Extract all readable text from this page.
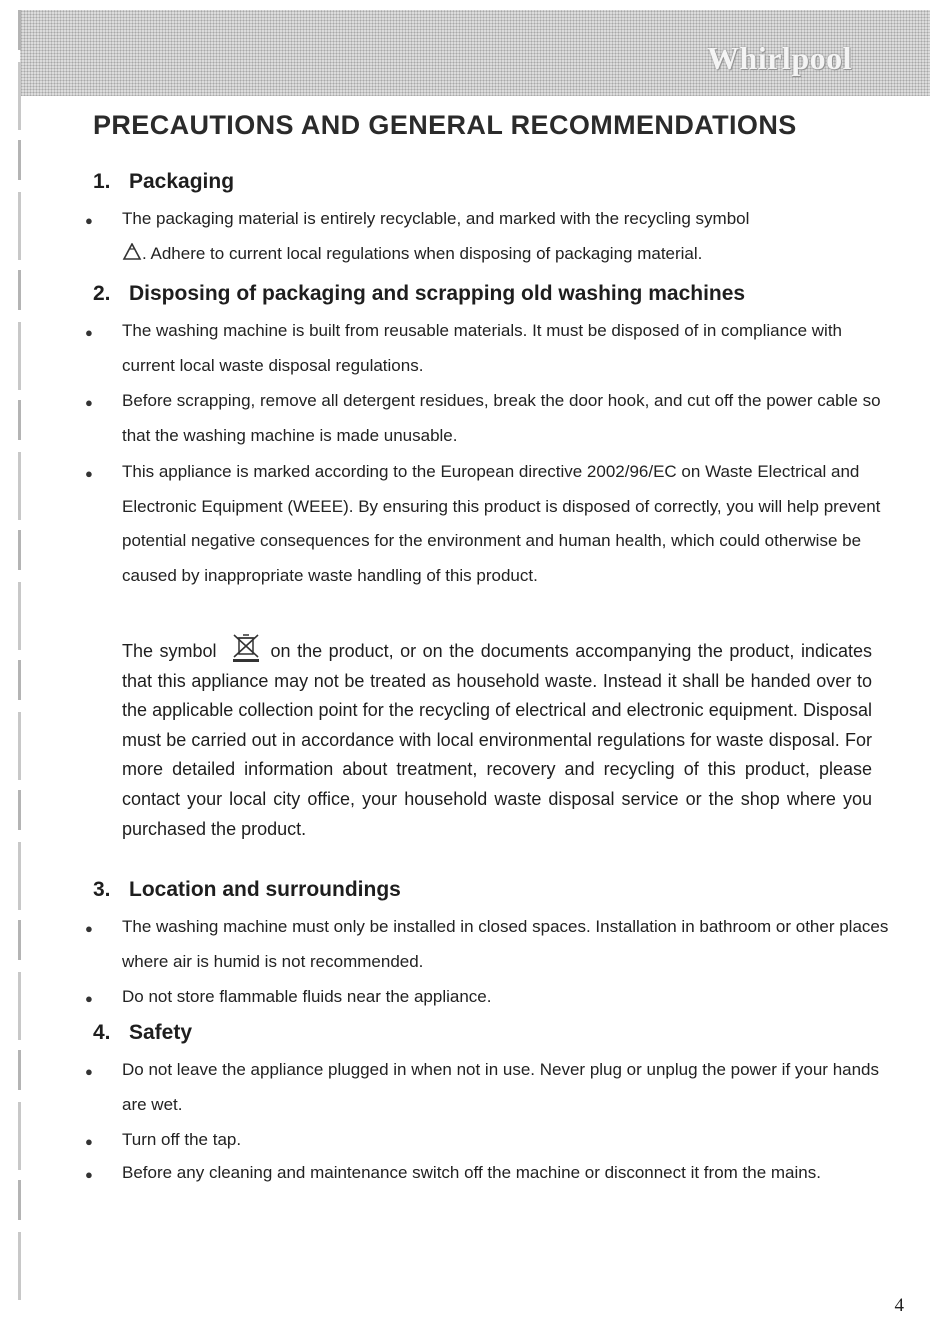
Whirlpool
PRECAUTIONS AND GENERAL RECOMMENDATIONS
1. Packaging
● The packaging material is entirely recyclable, and marked with the recycling symbol
. Adhere to current local regulations when disposing of packaging material.

2. Disposing of packaging and scrapping old washing machines
● The washing machine is built from reusable materials. It must be disposed of in compliance with current local waste disposal regulations.

● Before scrapping, remove all detergent residues, break the door hook, and cut off the power cable so that the washing machine is made unusable.

● This appliance is marked according to the European directive 2002/96/EC on Waste Electrical and Electronic Equipment (WEEE). By ensuring this product is disposed of correctly, you will help prevent potential negative consequences for the environment and human health, which could otherwise be caused by inappropriate waste handling of this product.

The symbol	on the product, or on the documents accompanying the product, indicates that this appliance may not be treated as household waste. Instead it shall be handed over to the applicable collection point for the recycling of electrical and electronic equipment. Disposal must be carried out in accordance with local environmental regulations for waste disposal. For more detailed information about treatment, recovery and recycling of this product, please contact your local city office, your household waste disposal service or the shop where you purchased the product.

3. Location and surroundings
● The washing machine must only be installed in closed spaces. Installation in bathroom or other places where air is humid is not recommended.

● Do not store flammable fluids near the appliance.

4. Safety
● Do not leave the appliance plugged in when not in use. Never plug or unplug the power if your hands are wet.

● Turn off the tap.

● Before any cleaning and maintenance switch off the machine or disconnect it from the mains.

4
